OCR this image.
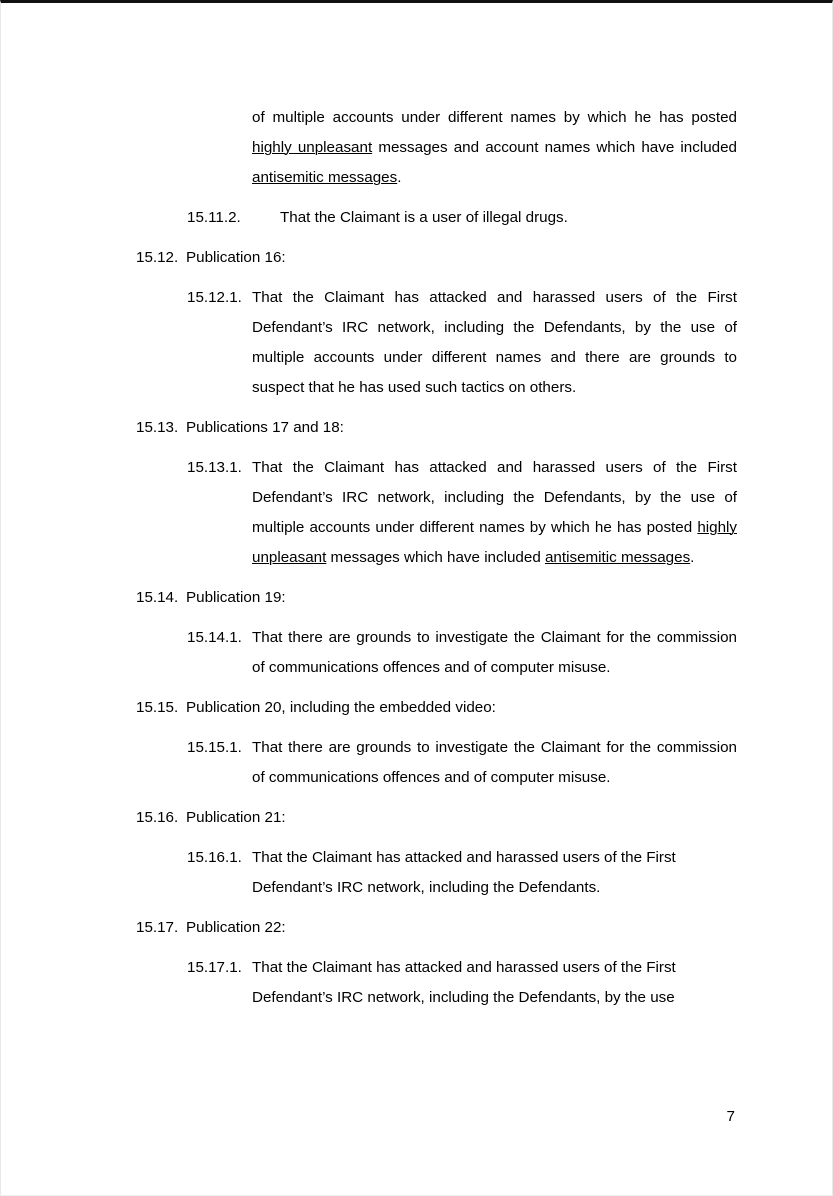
of multiple accounts under different names by which he has posted highly unpleasant messages and account names which have included antisemitic messages.
15.11.2.	That the Claimant is a user of illegal drugs.
15.12. Publication 16:
15.12.1. That the Claimant has attacked and harassed users of the First Defendant’s IRC network, including the Defendants, by the use of multiple accounts under different names and there are grounds to suspect that he has used such tactics on others.
15.13. Publications 17 and 18:
15.13.1. That the Claimant has attacked and harassed users of the First Defendant’s IRC network, including the Defendants, by the use of multiple accounts under different names by which he has posted highly unpleasant messages which have included antisemitic messages.
15.14. Publication 19:
15.14.1. That there are grounds to investigate the Claimant for the commission of communications offences and of computer misuse.
15.15. Publication 20, including the embedded video:
15.15.1. That there are grounds to investigate the Claimant for the commission of communications offences and of computer misuse.
15.16. Publication 21:
15.16.1. That the Claimant has attacked and harassed users of the First Defendant’s IRC network, including the Defendants.
15.17. Publication 22:
15.17.1. That the Claimant has attacked and harassed users of the First Defendant’s IRC network, including the Defendants, by the use
7
